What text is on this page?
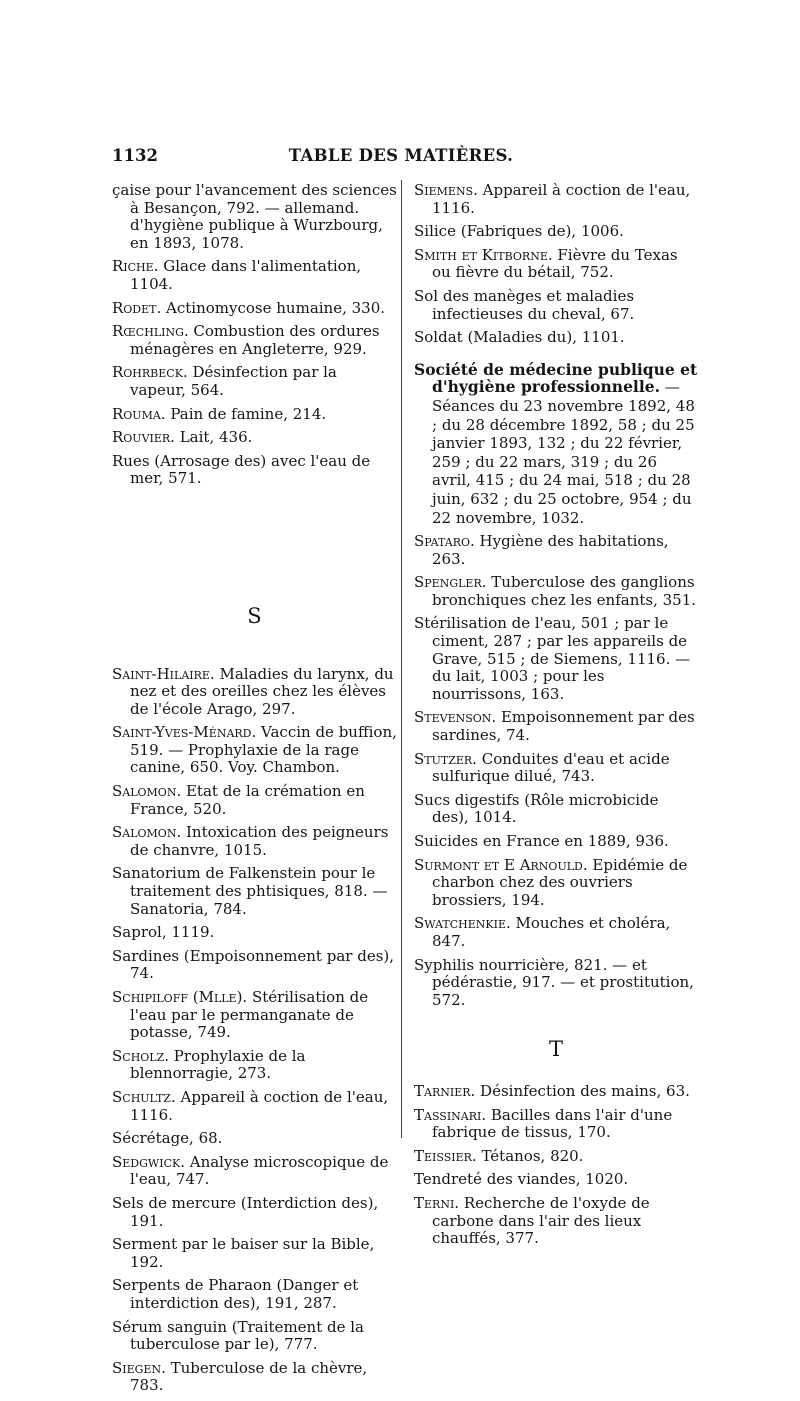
1132	TABLE DES MATIÈRES.

çaise pour l'avancement des sciences à Besançon, 792. — allemand. d'hygiène publique à Wurzbourg, en 1893, 1078.

Riche. Glace dans l'alimentation, 1104.

Rodet. Actinomycose humaine, 330.

Rœchling. Combustion des ordures ménagères en Angleterre, 929.

Rohrbeck. Désinfection par la vapeur, 564.

Rouma. Pain de famine, 214.

Rouvier. Lait, 436.

Rues (Arrosage des) avec l'eau de mer, 571.

S

Saint-Hilaire. Maladies du larynx, du nez et des oreilles chez les élèves de l'école Arago, 297.

Saint-Yves-Ménard. Vaccin de buffion, 519. — Prophylaxie de la rage canine, 650. Voy. Chambon.

Salomon. Etat de la crémation en France, 520.

Salomon. Intoxication des peigneurs de chanvre, 1015.

Sanatorium de Falkenstein pour le traitement des phtisiques, 818. — Sanatoria, 784.

Saprol, 1119.

Sardines (Empoisonnement par des), 74.

Schipiloff (Mlle). Stérilisation de l'eau par le permanganate de potasse, 749.

Scholz. Prophylaxie de la blennorragie, 273.

Schultz. Appareil à coction de l'eau, 1116.

Sécrétage, 68.

Sedgwick. Analyse microscopique de l'eau, 747.

Sels de mercure (Interdiction des), 191.

Serment par le baiser sur la Bible, 192.

Serpents de Pharaon (Danger et interdiction des), 191, 287.

Sérum sanguin (Traitement de la tuberculose par le), 777.

Siegen. Tuberculose de la chèvre, 783.

Siemens. Appareil à coction de l'eau, 1116.

Silice (Fabriques de), 1006.

Smith et Kitborne. Fièvre du Texas ou fièvre du bétail, 752.

Sol des manèges et maladies infectieuses du cheval, 67.

Soldat (Maladies du), 1101.

Société de médecine publique et d'hygiène professionnelle. — Séances du 23 novembre 1892, 48 ; du 28 décembre 1892, 58 ; du 25 janvier 1893, 132 ; du 22 février, 259 ; du 22 mars, 319 ; du 26 avril, 415 ; du 24 mai, 518 ; du 28 juin, 632 ; du 25 octobre, 954 ; du 22 novembre, 1032.

Spataro. Hygiène des habitations, 263.

Spengler. Tuberculose des ganglions bronchiques chez les enfants, 351.

Stérilisation de l'eau, 501 ; par le ciment, 287 ; par les appareils de Grave, 515 ; de Siemens, 1116. — du lait, 1003 ; pour les nourrissons, 163.

Stevenson. Empoisonnement par des sardines, 74.

Stutzer. Conduites d'eau et acide sulfurique dilué, 743.

Sucs digestifs (Rôle microbicide des), 1014.

Suicides en France en 1889, 936.

Surmont et E Arnould. Epidémie de charbon chez des ouvriers brossiers, 194.

Swatchenkie. Mouches et choléra, 847.

Syphilis nourricière, 821. — et pédérastie, 917. — et prostitution, 572.

T

Tarnier. Désinfection des mains, 63.

Tassinari. Bacilles dans l'air d'une fabrique de tissus, 170.

Teissier. Tétanos, 820.

Tendreté des viandes, 1020.

Terni. Recherche de l'oxyde de carbone dans l'air des lieux chauffés, 377.
